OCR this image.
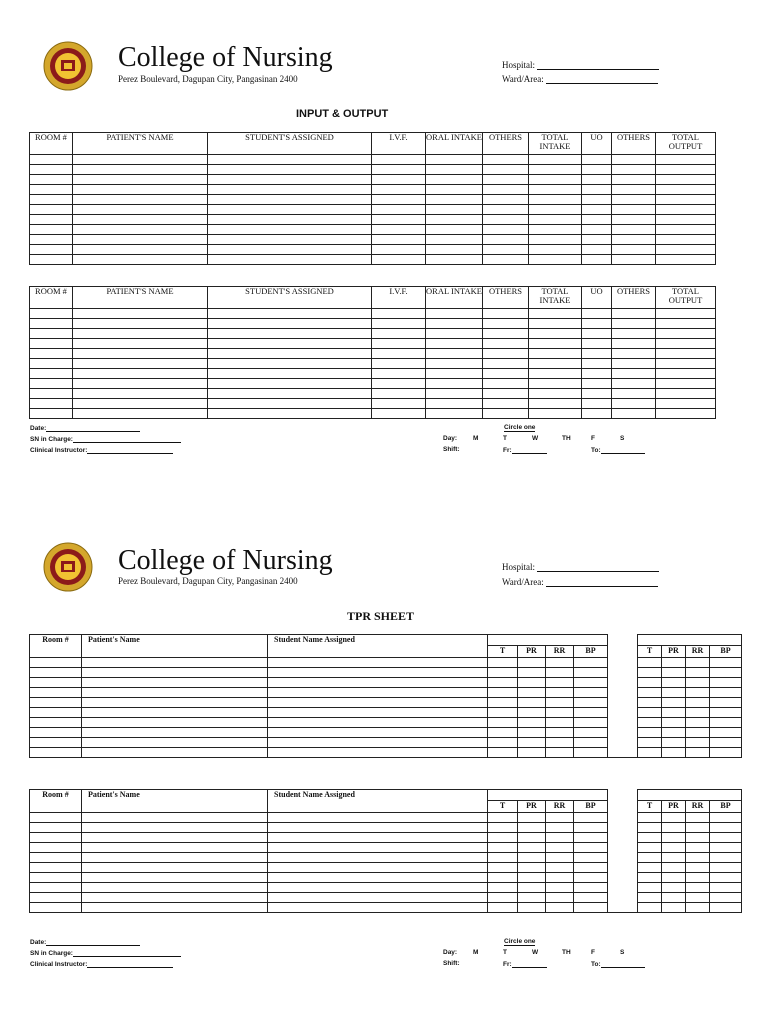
College of Nursing
Perez Boulevard, Dagupan City, Pangasinan 2400
Hospital:
Ward/Area:
INPUT & OUTPUT
ROOM #	PATIENT'S NAME	STUDENT'S ASSIGNED	I.V.F.	ORAL INTAKE	OTHERS	TOTAL INTAKE	UO	OTHERS	TOTAL OUTPUT

ROOM #	PATIENT'S NAME	STUDENT'S ASSIGNED	I.V.F.	ORAL INTAKE	OTHERS	TOTAL INTAKE	UO	OTHERS	TOTAL OUTPUT

Date:
SN in Charge:
Clinical Instructor:
Circle one
Day: M	T	W	TH	F	S
Shift:	Fr:	To:
College of Nursing
Perez Boulevard, Dagupan City, Pangasinan 2400
Hospital:
Ward/Area:
TPR SHEET
Room #	Patient's Name	Student Name Assigned									
			T	PR	RR	BP		T	PR	RR	BP

Room #	Patient's Name	Student Name Assigned									
			T	PR	RR	BP		T	PR	RR	BP

Date:
SN in Charge:
Clinical Instructor:
Circle one
Day: M	T	W	TH	F	S
Shift:	Fr:	To:
